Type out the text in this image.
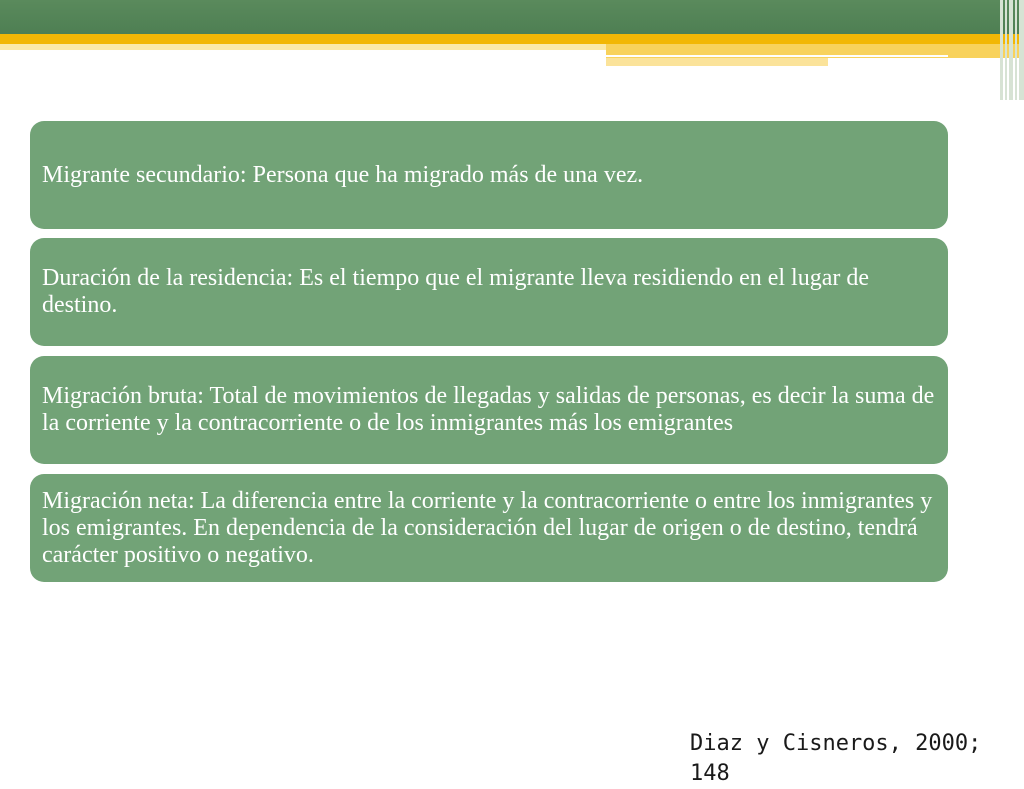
Migrante secundario: Persona que ha migrado más de una vez.

Duración de la residencia: Es el tiempo que el migrante lleva residiendo en el lugar de destino.

Migración bruta: Total de movimientos de llegadas y salidas de personas, es decir la suma de la corriente y la contracorriente o de los inmigrantes más los emigrantes

Migración neta: La diferencia entre la corriente y la contracorriente o entre los inmigrantes y los emigrantes. En dependencia de la consideración del lugar de origen o de destino, tendrá carácter positivo o negativo.

Diaz y Cisneros, 2000; 148
